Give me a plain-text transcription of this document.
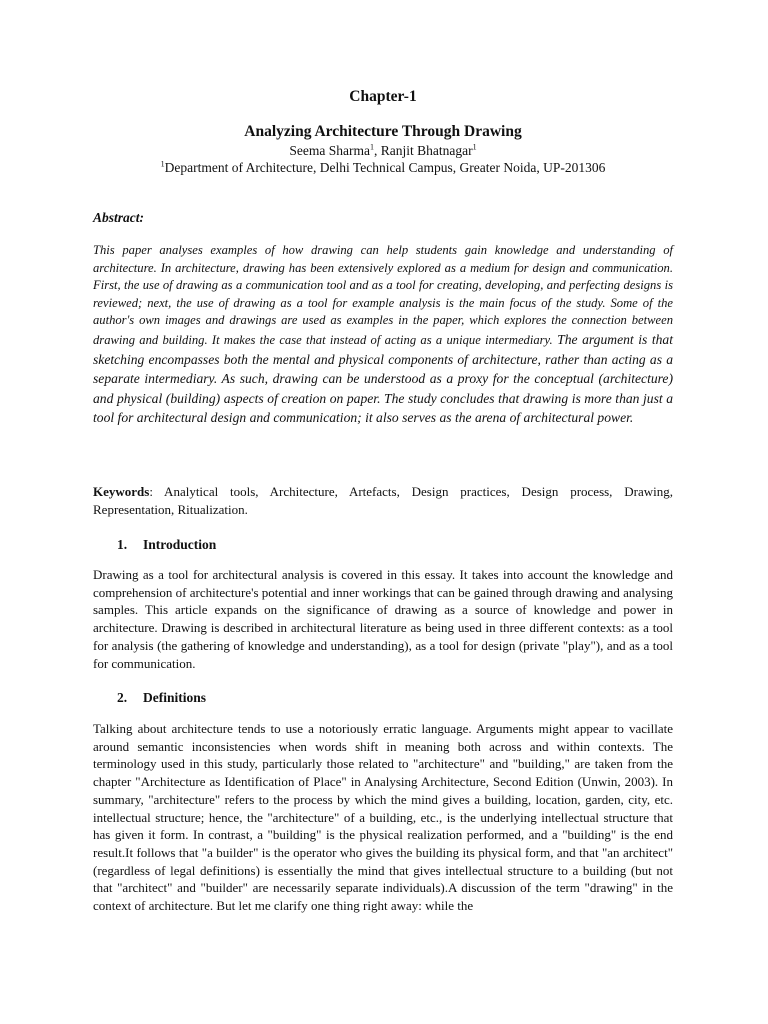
Chapter-1
Analyzing Architecture Through Drawing
Seema Sharma$^1$, Ranjit Bhatnagar$^1$
$^1$Department of Architecture, Delhi Technical Campus, Greater Noida, UP-201306
Abstract:
This paper analyses examples of how drawing can help students gain knowledge and understanding of architecture. In architecture, drawing has been extensively explored as a medium for design and communication. First, the use of drawing as a communication tool and as a tool for creating, developing, and perfecting designs is reviewed; next, the use of drawing as a tool for example analysis is the main focus of the study. Some of the author's own images and drawings are used as examples in the paper, which explores the connection between drawing and building. It makes the case that instead of acting as a unique intermediary. The argument is that sketching encompasses both the mental and physical components of architecture, rather than acting as a separate intermediary. As such, drawing can be understood as a proxy for the conceptual (architecture) and physical (building) aspects of creation on paper. The study concludes that drawing is more than just a tool for architectural design and communication; it also serves as the arena of architectural power.
Keywords: Analytical tools, Architecture, Artefacts, Design practices, Design process, Drawing, Representation, Ritualization.
1. Introduction
Drawing as a tool for architectural analysis is covered in this essay. It takes into account the knowledge and comprehension of architecture's potential and inner workings that can be gained through drawing and analysing samples. This article expands on the significance of drawing as a source of knowledge and power in architecture. Drawing is described in architectural literature as being used in three different contexts: as a tool for analysis (the gathering of knowledge and understanding), as a tool for design (private "play"), and as a tool for communication.
2. Definitions
Talking about architecture tends to use a notoriously erratic language. Arguments might appear to vacillate around semantic inconsistencies when words shift in meaning both across and within contexts. The terminology used in this study, particularly those related to "architecture" and "building," are taken from the chapter "Architecture as Identification of Place" in Analysing Architecture, Second Edition (Unwin, 2003). In summary, "architecture" refers to the process by which the mind gives a building, location, garden, city, etc. intellectual structure; hence, the "architecture" of a building, etc., is the underlying intellectual structure that has given it form. In contrast, a "building" is the physical realization performed, and a "building" is the end result.It follows that "a builder" is the operator who gives the building its physical form, and that "an architect" (regardless of legal definitions) is essentially the mind that gives intellectual structure to a building (but not that "architect" and "builder" are necessarily separate individuals).A discussion of the term "drawing" in the context of architecture. But let me clarify one thing right away: while the
